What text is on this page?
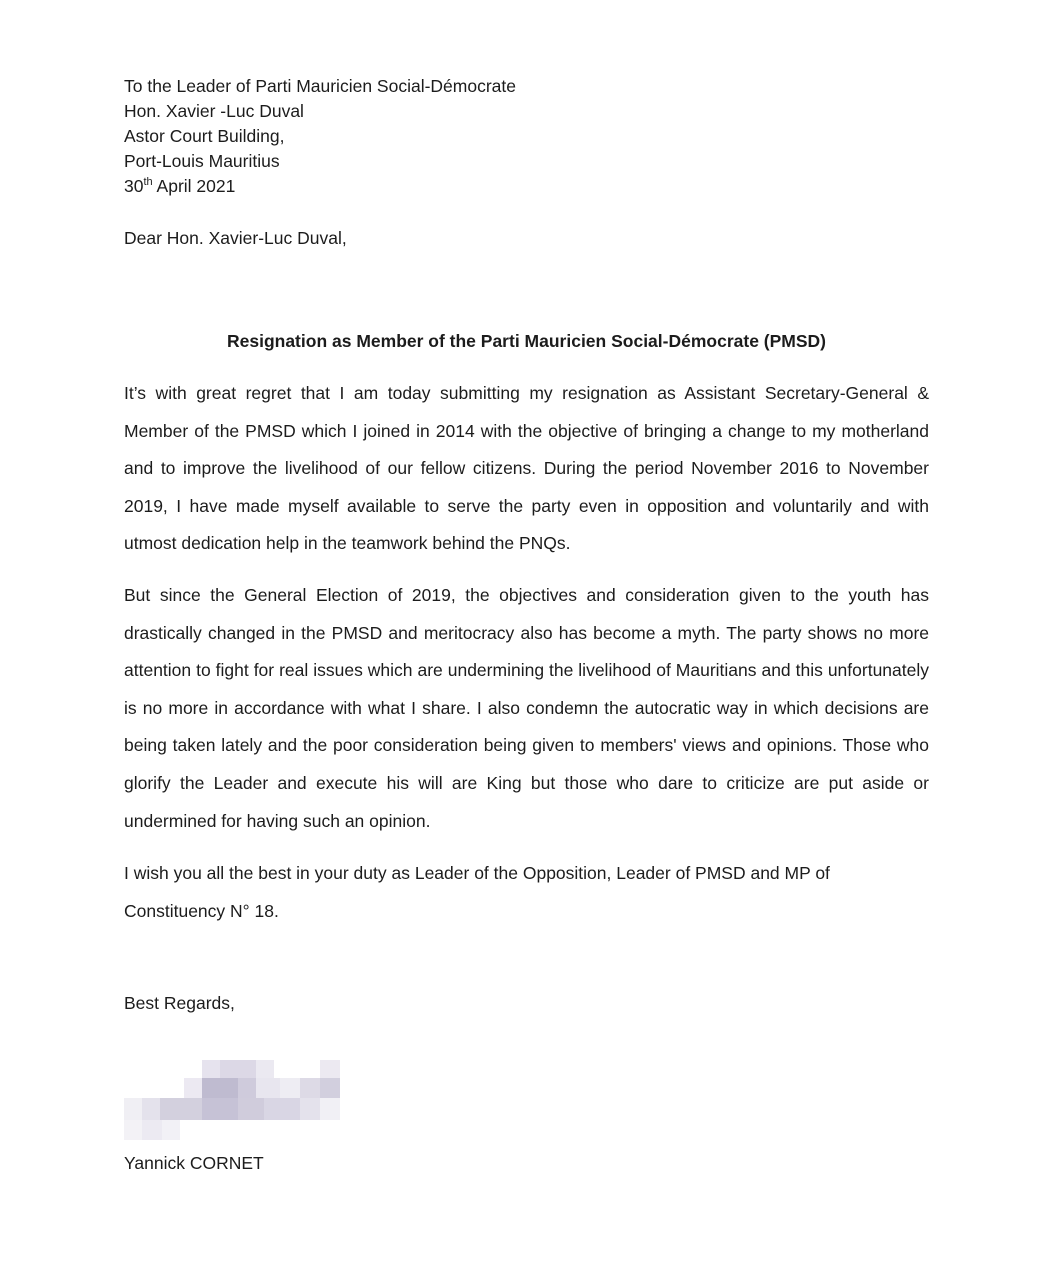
To the Leader of Parti Mauricien Social-Démocrate
Hon. Xavier -Luc Duval
Astor Court Building,
Port-Louis Mauritius
30th April 2021
Dear Hon. Xavier-Luc Duval,
Resignation as Member of the Parti Mauricien Social-Démocrate (PMSD)
It’s with great regret that I am today submitting my resignation as Assistant Secretary-General & Member of the PMSD which I joined in 2014 with the objective of bringing a change to my motherland and to improve the livelihood of our fellow citizens. During the period November 2016 to November 2019, I have made myself available to serve the party even in opposition and voluntarily and with utmost dedication help in the teamwork behind the PNQs.
But since the General Election of 2019, the objectives and consideration given to the youth has drastically changed in the PMSD and meritocracy also has become a myth. The party shows no more attention to fight for real issues which are undermining the livelihood of Mauritians and this unfortunately is no more in accordance with what I share. I also condemn the autocratic way in which decisions are being taken lately and the poor consideration being given to members' views and opinions. Those who glorify the Leader and execute his will are King but those who dare to criticize are put aside or undermined for having such an opinion.
I wish you all the best in your duty as Leader of the Opposition, Leader of PMSD and MP of Constituency N° 18.
Best Regards,
Yannick CORNET
